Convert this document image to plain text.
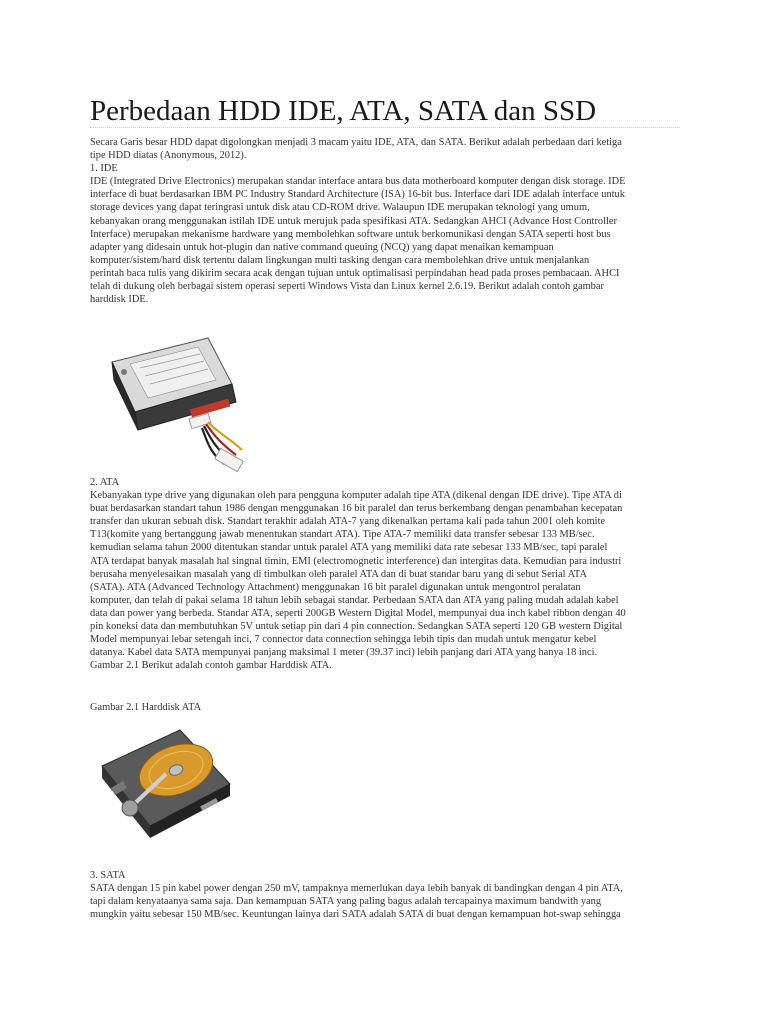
Perbedaan HDD IDE, ATA, SATA dan SSD
Secara Garis besar HDD dapat digolongkan menjadi 3 macam yaitu IDE, ATA, dan SATA. Berikut adalah perbedaan dari ketiga
tipe HDD diatas (Anonymous, 2012).
1. IDE
IDE (Integrated Drive Electronics) merupakan standar interface antara bus data motherboard komputer dengan disk storage. IDE
interface di buat berdasarkan IBM PC Industry Standard Architecture (ISA) 16-bit bus. Interface dari IDE adalah interface untuk
storage devices yang dapat teringrasi untuk disk atau CD-ROM drive. Walaupun IDE merupakan teknologi yang umum,
kebanyakan orang menggunakan istilah IDE untuk merujuk pada spesifikasi ATA. Sedangkan AHCI (Advance Host Controller
Interface) merupakan mekanisme hardware yang membolehkan software untuk berkomunikasi dengan SATA seperti host bus
adapter yang didesain untuk hot-plugin dan native command queuing (NCQ) yang dapat menaikan kemampuan
komputer/sistem/hard disk tertentu dalam lingkungan multi tasking dengan cara membolehkan drive untuk menjalankan
perintah baca tulis yang dikirim secara acak dengan tujuan untuk optimalisasi perpindahan head pada proses pembacaan. AHCI
telah di dukung oleh berbagai sistem operasi seperti Windows Vista dan Linux kernel 2.6.19. Berikut adalah contoh gambar
harddisk IDE.
2. ATA
Kebanyakan type drive yang digunakan oleh para pengguna komputer adalah tipe ATA (dikenal dengan IDE drive). Tipe ATA di
buat berdasarkan standart tahun 1986 dengan menggunakan 16 bit paralel dan terus berkembang dengan penambahan kecepatan
transfer dan ukuran sebuah disk. Standart terakhir adalah ATA-7 yang dikenalkan pertama kali pada tahun 2001 oleh komite
T13(komite yang bertanggung jawab menentukan standart ATA). Tipe ATA-7 memiliki data transfer sebesar 133 MB/sec.
kemudian selama tahun 2000 ditentukan standar untuk paralel ATA yang memiliki data rate sebesar 133 MB/sec, tapi paralel
ATA terdapat banyak masalah hal singnal timin, EMI (electromognetic interference) dan intergitas data. Kemudian para industri
berusaha menyelesaikan masalah yang di timbulkan oleh paralel ATA dan di buat standar baru yang di sebut Serial ATA
(SATA). ATA (Advanced Technology Attachment) menggunakan 16 bit paralel digunakan untuk mengontrol peralatan
komputer, dan telah di pakai selama 18 tahun lebih sebagai standar. Perbedaan SATA dan ATA yang paling mudah adalah kabel
data dan power yang berbeda. Standar ATA, seperti 200GB Western Digital Model, mempunyai dua inch kabel ribbon dengan 40
pin koneksi data dan membutuhkan 5V untuk setiap pin dari 4 pin connection. Sedangkan SATA seperti 120 GB western Digital
Model mempunyai lebar setengah inci, 7 connector data connection sehingga lebih tipis dan mudah untuk mengatur kebel
datanya. Kabel data SATA mempunyai panjang maksimal 1 meter (39.37 inci) lebih panjang dari ATA yang hanya 18 inci.
Gambar 2.1 Berikut adalah contoh gambar Harddisk ATA.
Gambar 2.1 Harddisk ATA
3. SATA
SATA dengan 15 pin kabel power dengan 250 mV, tampaknya memerlukan daya lebih banyak di bandingkan dengan 4 pin ATA,
tapi dalam kenyataanya sama saja. Dan kemampuan SATA yang paling bagus adalah tercapainya maximum bandwith yang
mungkin yaitu sebesar 150 MB/sec. Keuntungan lainya dari SATA adalah SATA di buat dengan kemampuan hot-swap sehingga
